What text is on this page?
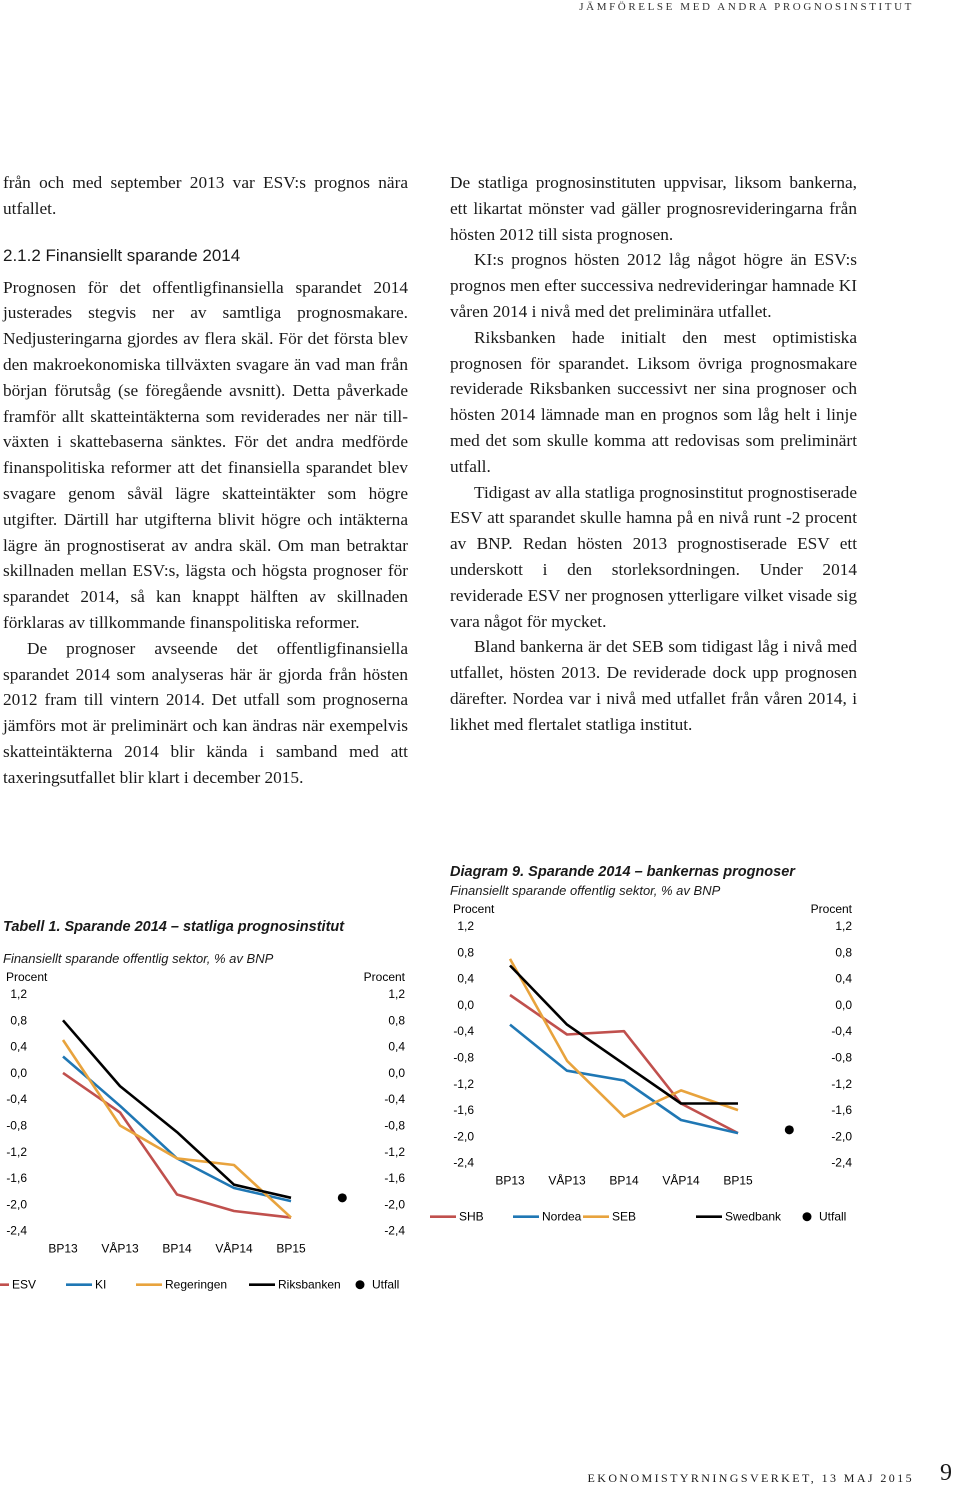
JÄMFÖRELSE MED ANDRA PROGNOSINSTITUT

från och med september 2013 var ESV:s prognos nära utfallet.

2.1.2 Finansiellt sparande 2014

Prognosen för det offentligfinansiella sparandet 2014 justerades stegvis ner av samtliga prognosmakare. Nedjusteringarna gjordes av flera skäl. För det första blev den makroekonomiska tillväxten svagare än vad man från början förutsåg (se föregående avsnitt). Detta påverkade framför allt skatteintäkterna som reviderades ner när tillväxten i skattebaserna sänktes. För det andra medförde finanspolitiska reformer att det finansiella sparandet blev svagare genom såväl lägre skatteintäkter som högre utgifter. Därtill har utgifterna blivit högre och intäkterna lägre än prognostiserat av andra skäl. Om man betraktar skillnaden mellan ESV:s, lägsta och högsta prognoser för sparandet 2014, så kan knappt hälften av skillnaden förklaras av tillkommande finanspolitiska reformer.

De prognoser avseende det offentligfinansiella sparandet 2014 som analyseras här är gjorda från hösten 2012 fram till vintern 2014. Det utfall som prognoserna jämförs mot är preliminärt och kan ändras när exempelvis skatteintäkterna 2014 blir kända i samband med att taxeringsutfallet blir klart i december 2015.

De statliga prognosinstituten uppvisar, liksom bankerna, ett likartat mönster vad gäller prognosrevideringarna från hösten 2012 till sista prognosen.

KI:s prognos hösten 2012 låg något högre än ESV:s prognos men efter successiva nedrevideringar hamnade KI våren 2014 i nivå med det preliminära utfallet.

Riksbanken hade initialt den mest optimistiska prognosen för sparandet. Liksom övriga prognosmakare reviderade Riksbanken successivt ner sina prognoser och hösten 2014 lämnade man en prognos som låg helt i linje med det som skulle komma att redovisas som preliminärt utfall.

Tidigast av alla statliga prognosinstitut prognostiserade ESV att sparandet skulle hamna på en nivå runt -2 procent av BNP. Redan hösten 2013 prognostiserade ESV ett underskott i den storleksordningen. Under 2014 reviderade ESV ner prognosen ytterligare vilket visade sig vara något för mycket.

Bland bankerna är det SEB som tidigast låg i nivå med utfallet, hösten 2013. De reviderade dock upp prognosen därefter. Nordea var i nivå med utfallet från våren 2014, i likhet med flertalet statliga institut.

Tabell 1. Sparande 2014 – statliga prognosinstitut

Finansiellt sparande offentlig sektor, % av BNP

Procent	Procent
1,2	1,2
0,8	0,8
0,4	0,4
0,0	0,0
-0,4	-0,4
-0,8	-0,8
-1,2	-1,2
-1,6	-1,6
-2,0	-2,0
-2,4	-2,4
BP13 VÅP13 BP14 VÅP14 BP15
ESV	KI	Regeringen	Riksbanken	Utfall

Diagram 9. Sparande 2014 – bankernas prognoser

Finansiellt sparande offentlig sektor, % av BNP

Procent	Procent
1,2	1,2
0,8	0,8
0,4	0,4
0,0	0,0
-0,4	-0,4
-0,8	-0,8
-1,2	-1,2
-1,6	-1,6
-2,0	-2,0
-2,4	-2,4
BP13 VÅP13 BP14 VÅP14 BP15
SHB	Nordea	SEB	Swedbank	Utfall
EKONOMISTYRNINGSVERKET, 13 MAJ 2015 9
